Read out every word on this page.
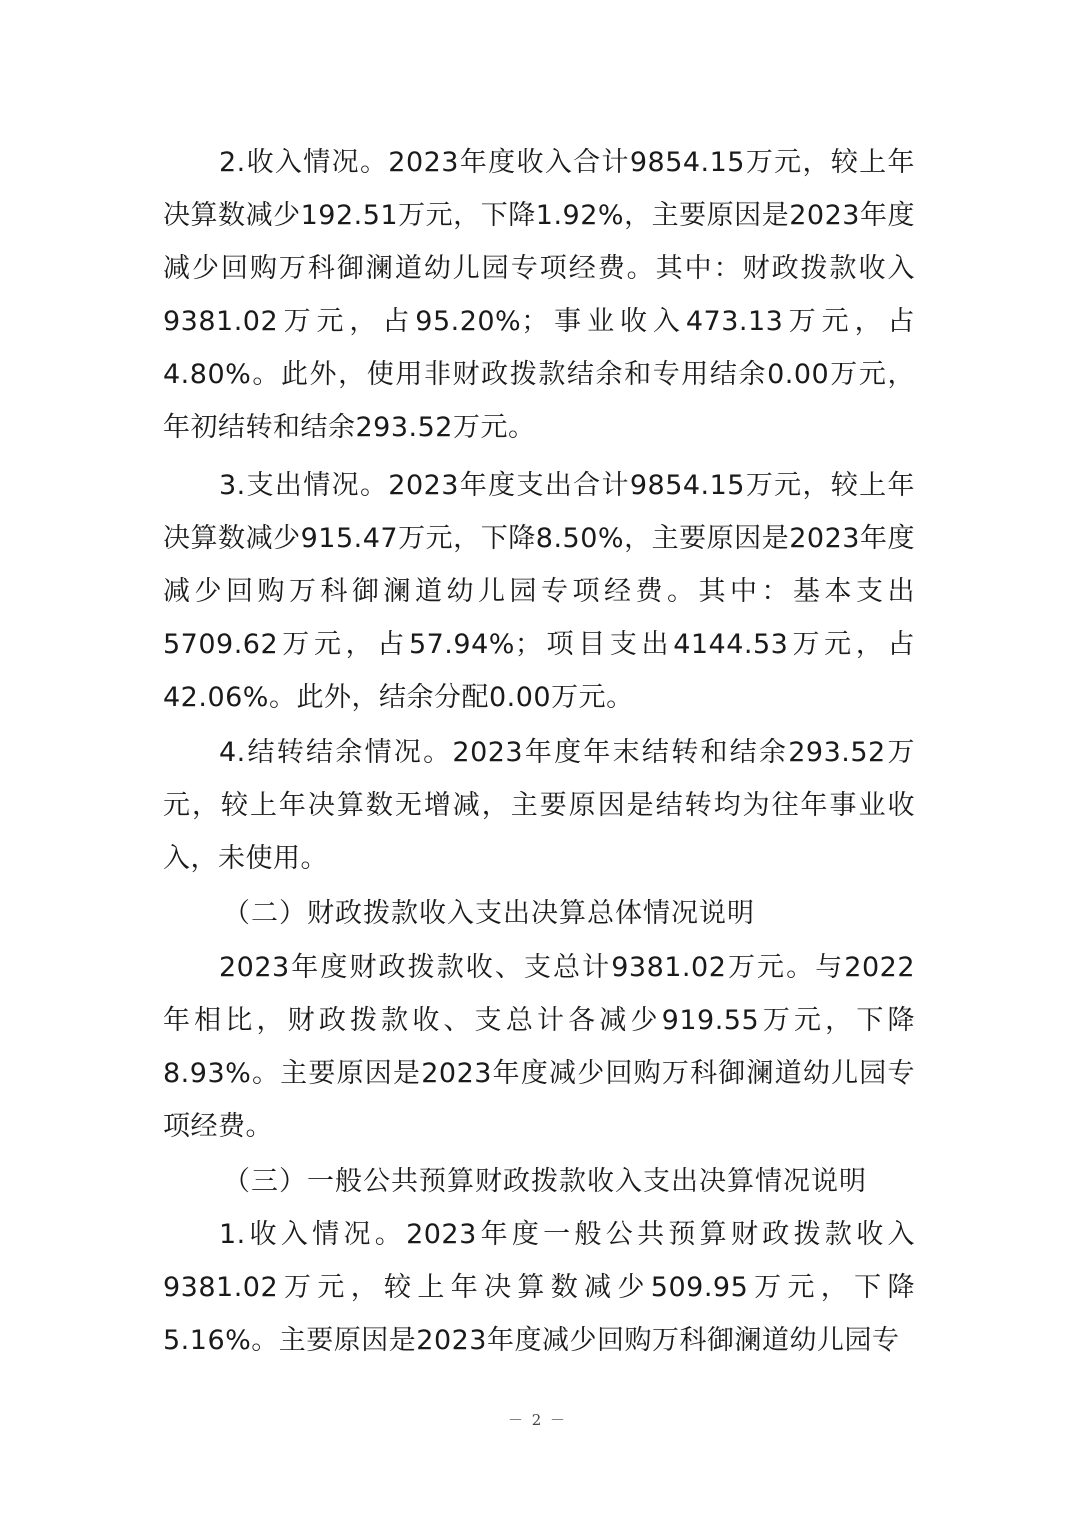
2.收入情况。2023年度收入合计9854.15万元，较上年决算数减少192.51万元，下降1.92%，主要原因是2023年度减少回购万科御澜道幼儿园专项经费。其中：财政拨款收入9381.02万元，占95.20%；事业收入473.13万元，占4.80%。此外，使用非财政拨款结余和专用结余0.00万元，年初结转和结余293.52万元。

3.支出情况。2023年度支出合计9854.15万元，较上年决算数减少915.47万元，下降8.50%，主要原因是2023年度减少回购万科御澜道幼儿园专项经费。其中：基本支出5709.62万元，占57.94%；项目支出4144.53万元，占42.06%。此外，结余分配0.00万元。

4.结转结余情况。2023年度年末结转和结余293.52万元，较上年决算数无增减，主要原因是结转均为往年事业收入，未使用。

（二）财政拨款收入支出决算总体情况说明

2023年度财政拨款收、支总计9381.02万元。与2022年相比，财政拨款收、支总计各减少919.55万元，下降8.93%。主要原因是2023年度减少回购万科御澜道幼儿园专项经费。

（三）一般公共预算财政拨款收入支出决算情况说明

1.收入情况。2023年度一般公共预算财政拨款收入9381.02万元，较上年决算数减少509.95万元，下降5.16%。主要原因是2023年度减少回购万科御澜道幼儿园专

－ 2 －
